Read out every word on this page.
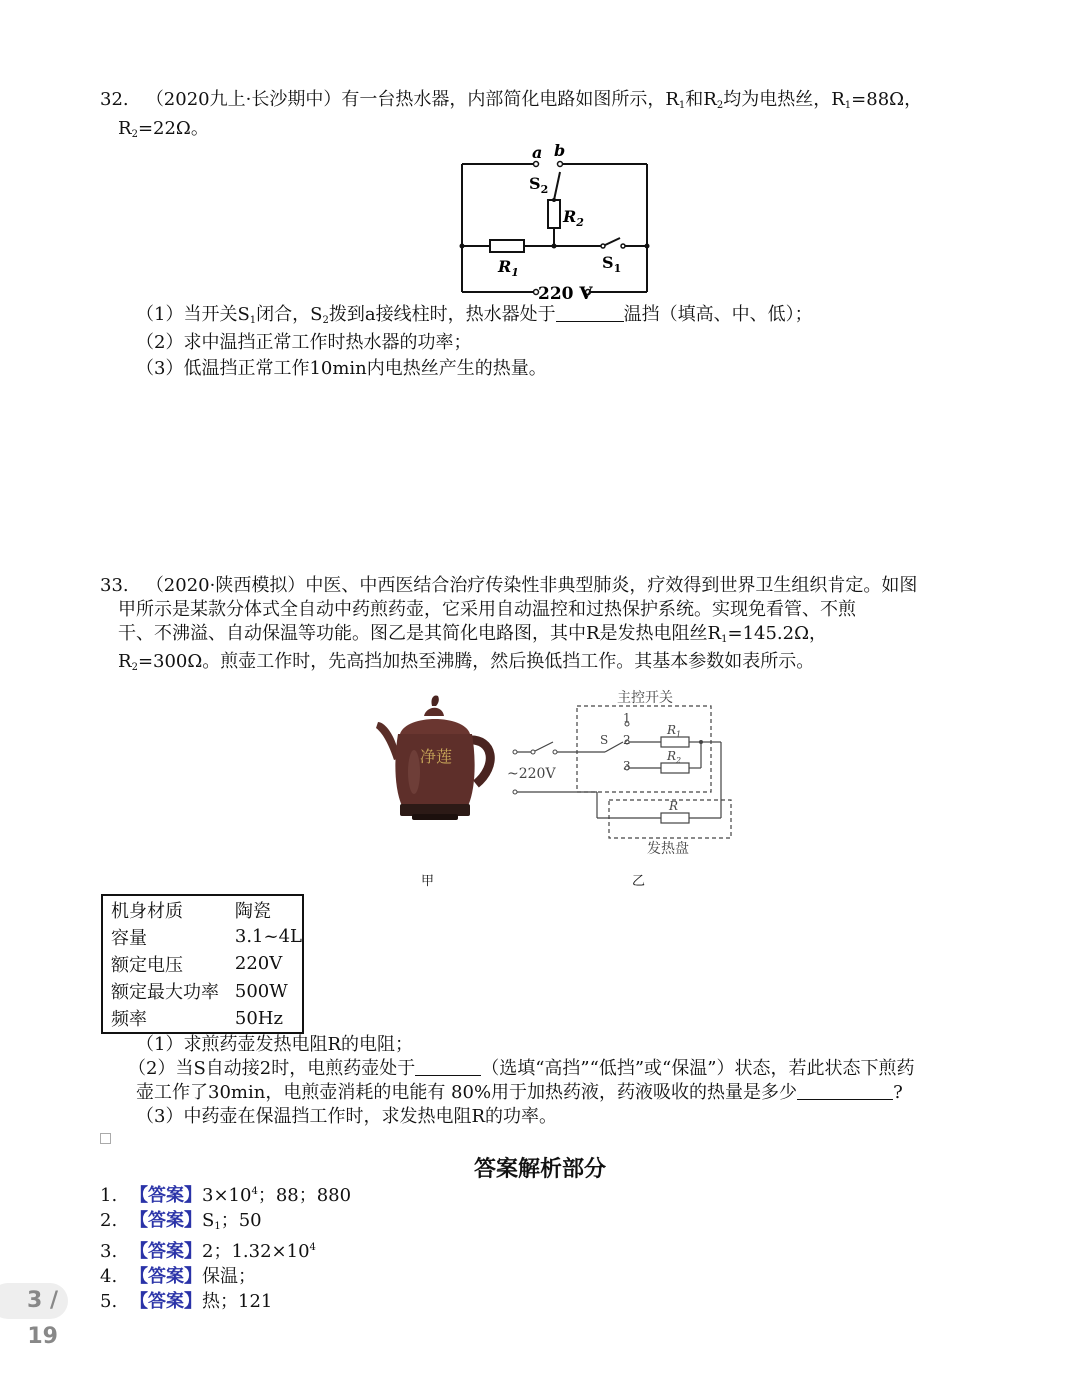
32. （2020九上·长沙期中）有一台热水器，内部简化电路如图所示，$R_1$和$R_2$均为电热丝，$R_1=88\Omega$，
$R_2=22\Omega$。
a b
$S_2$
$R_2$
$R_1$
$S_1$
220 V
（1）当开关$S_1$闭合，$S_2$拨到a接线柱时，热水器处于	温挡（填高、中、低）；
（2）求中温挡正常工作时热水器的功率；
（3）低温挡正常工作10min内电热丝产生的热量。
33. （2020·陕西模拟）中医、中西医结合治疗传染性非典型肺炎，疗效得到世界卫生组织肯定。如图
甲所示是某款分体式全自动中药煎药壶，它采用自动温控和过热保护系统。实现免看管、不煎
干、不沸溢、自动保温等功能。图乙是其简化电路图，其中R是发热电阻丝$R_1=145.2\Omega$，
$R_2=300\Omega$。煎壶工作时，先高挡加热至沸腾，然后换低挡工作。其基本参数如表所示。
净莲
主控开关
1
2
3
S
$R_1$
$R_2$
R
~220V
发热盘
甲	乙
机身材质	陶瓷
容量	3.1~4L
额定电压	220V
额定最大功率	500W
频率	50Hz
（1）求煎药壶发热电阻R的电阻；
（2）当S自动接2时，电煎药壶处于	（选填“高挡”“低挡”或“保温”）状态，若此状态下煎药
壶工作了30min，电煎壶消耗的电能有 80%用于加热药液，药液吸收的热量是多少	?
（3）中药壶在保温挡工作时，求发热电阻R的功率。
答案解析部分
1. 【答案】$3\times 10^4$；88；880
2. 【答案】$S_1$；50
3. 【答案】2；$1.32\times 10^4$
4. 【答案】保温；
5. 【答案】热；121
3 / 19
